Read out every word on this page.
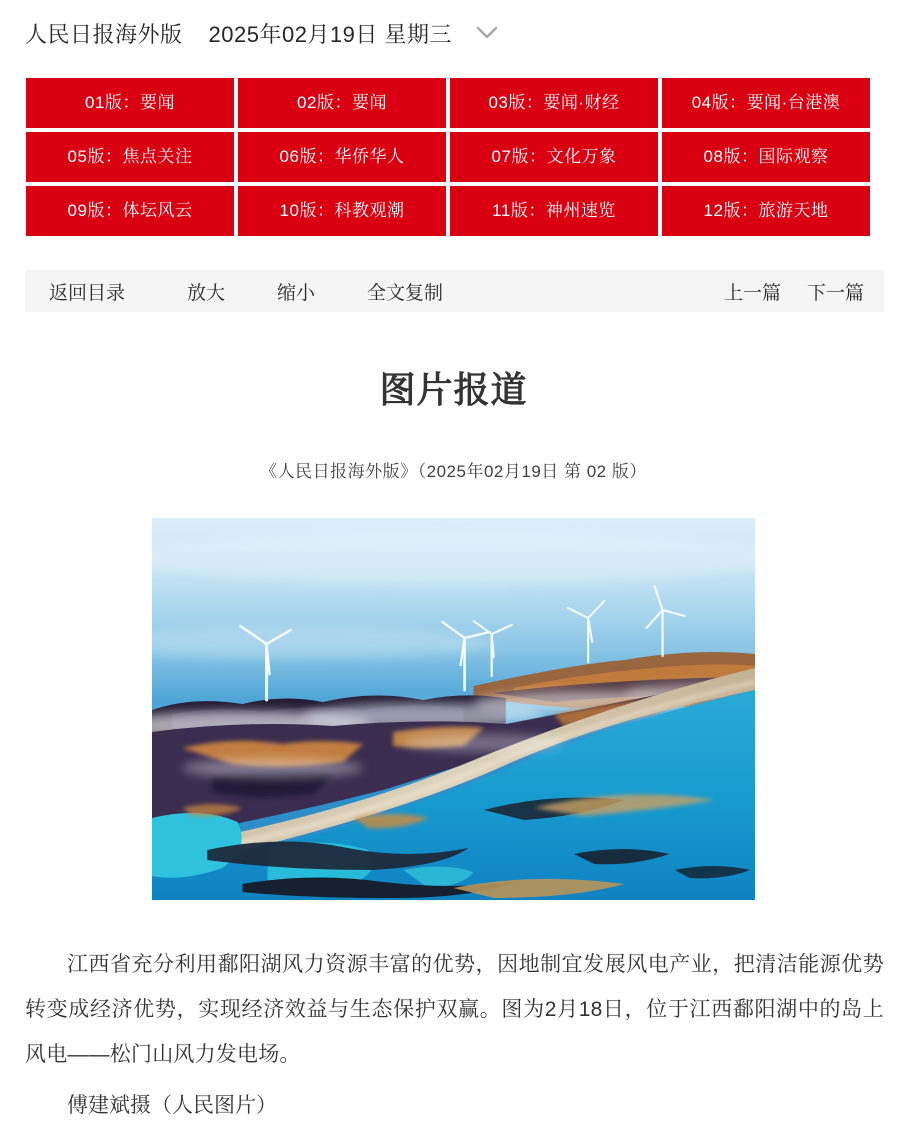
人民日报海外版 2025年02月19日 星期三
01版：要闻	02版：要闻	03版：要闻·财经	04版：要闻·台港澳
05版：焦点关注	06版：华侨华人	07版：文化万象	08版：国际观察
09版：体坛风云	10版：科教观潮	11版：神州速览	12版：旅游天地
返回目录	放大	缩小	全文复制	上一篇 下一篇
图片报道
《人民日报海外版》（2025年02月19日 第 02 版）

江西省充分利用鄱阳湖风力资源丰富的优势，因地制宜发展风电产业，把清洁能源优势转变成经济优势，实现经济效益与生态保护双赢。图为2月18日，位于江西鄱阳湖中的岛上风电——松门山风力发电场。

傅建斌摄（人民图片）
